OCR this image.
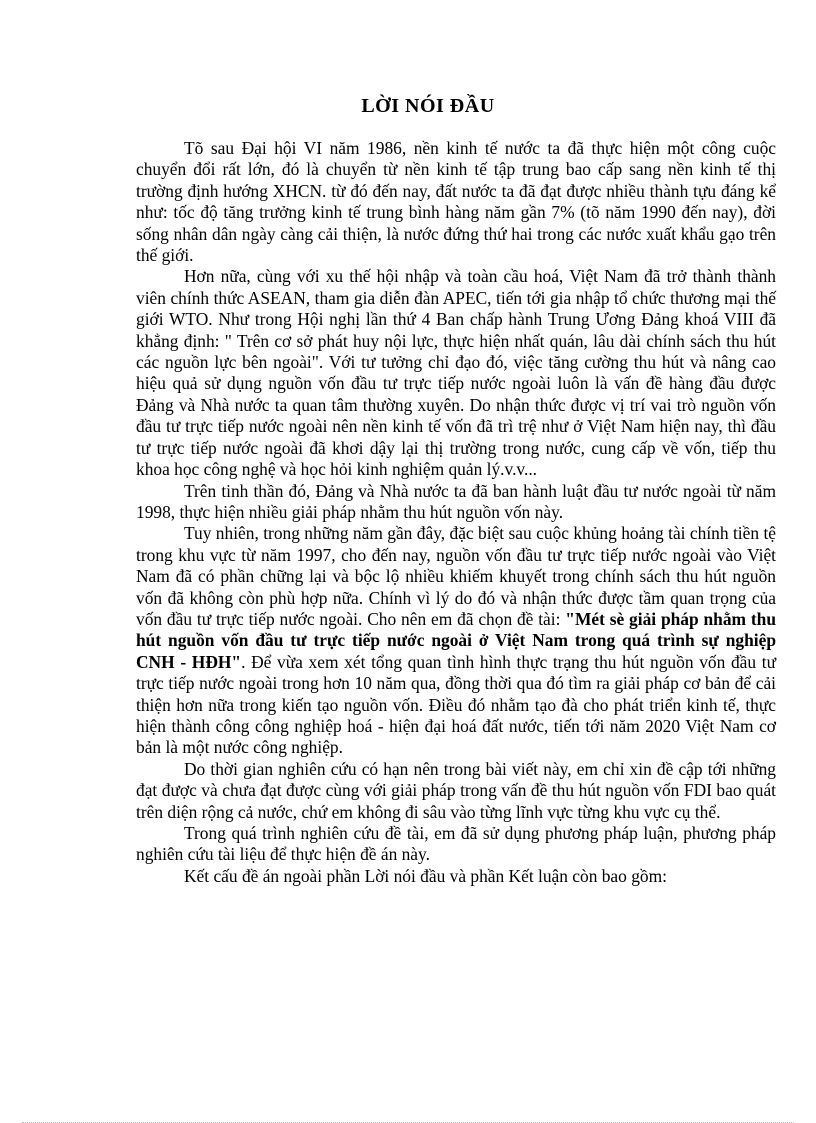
LỜI NÓI ĐẦU

Tõ sau Đại hội VI năm 1986, nền kinh tế nước ta đã thực hiện một công cuộc chuyển đổi rất lớn, đó là chuyển từ nền kinh tế tập trung bao cấp sang nền kinh tế thị trường định hướng XHCN. từ đó đến nay, đất nước ta đã đạt được nhiều thành tựu đáng kể như: tốc độ tăng trưởng kinh tế trung bình hàng năm gần 7% (tõ năm 1990 đến nay), đời sống nhân dân ngày càng cải thiện, là nước đứng thứ hai trong các nước xuất khẩu gạo trên thế giới.

Hơn nữa, cùng với xu thế hội nhập và toàn cầu hoá, Việt Nam đã trở thành thành viên chính thức ASEAN, tham gia diễn đàn APEC, tiến tới gia nhập tổ chức thương mại thế giới WTO. Như trong Hội nghị lần thứ 4 Ban chấp hành Trung Ương Đảng khoá VIII đã khẳng định: " Trên cơ sở phát huy nội lực, thực hiện nhất quán, lâu dài chính sách thu hút các nguồn lực bên ngoài". Với tư tưởng chỉ đạo đó, việc tăng cường thu hút và nâng cao hiệu quả sử dụng nguồn vốn đầu tư trực tiếp nước ngoài luôn là vấn đề hàng đầu được Đảng và Nhà nước ta quan tâm thường xuyên. Do nhận thức được vị trí vai trò nguồn vốn đầu tư trực tiếp nước ngoài nên nền kinh tế vốn đã trì trệ như ở Việt Nam hiện nay, thì đầu tư trực tiếp nước ngoài đã khơi dậy lại thị trường trong nước, cung cấp về vốn, tiếp thu khoa học công nghệ và học hỏi kinh nghiệm quản lý.v.v...

Trên tinh thần đó, Đảng và Nhà nước ta đã ban hành luật đầu tư nước ngoài từ năm 1998, thực hiện nhiều giải pháp nhằm thu hút nguồn vốn này.

Tuy nhiên, trong những năm gần đây, đặc biệt sau cuộc khủng hoảng tài chính tiền tệ trong khu vực từ năm 1997, cho đến nay, nguồn vốn đầu tư trực tiếp nước ngoài vào Việt Nam đã có phần chững lại và bộc lộ nhiều khiếm khuyết trong chính sách thu hút nguồn vốn đã không còn phù hợp nữa. Chính vì lý do đó và nhận thức được tầm quan trọng của vốn đầu tư trực tiếp nước ngoài. Cho nên em đã chọn đề tài: "Mét sè giải pháp nhằm thu hút nguồn vốn đầu tư trực tiếp nước ngoài ở Việt Nam trong quá trình sự nghiệp CNH - HĐH". Để vừa xem xét tổng quan tình hình thực trạng thu hút nguồn vốn đầu tư trực tiếp nước ngoài trong hơn 10 năm qua, đồng thời qua đó tìm ra giải pháp cơ bản để cải thiện hơn nữa trong kiến tạo nguồn vốn. Điều đó nhằm tạo đà cho phát triển kinh tế, thực hiện thành công công nghiệp hoá - hiện đại hoá đất nước, tiến tới năm 2020 Việt Nam cơ bản là một nước công nghiệp.

Do thời gian nghiên cứu có hạn nên trong bài viết này, em chỉ xin đề cập tới những đạt được và chưa đạt được cùng với giải pháp trong vấn đề thu hút nguồn vốn FDI bao quát trên diện rộng cả nước, chứ em không đi sâu vào từng lĩnh vực từng khu vực cụ thể.

Trong quá trình nghiên cứu đề tài, em đã sử dụng phương pháp luận, phương pháp nghiên cứu tài liệu để thực hiện đề án này.

Kết cấu đề án ngoài phần Lời nói đầu và phần Kết luận còn bao gồm:
